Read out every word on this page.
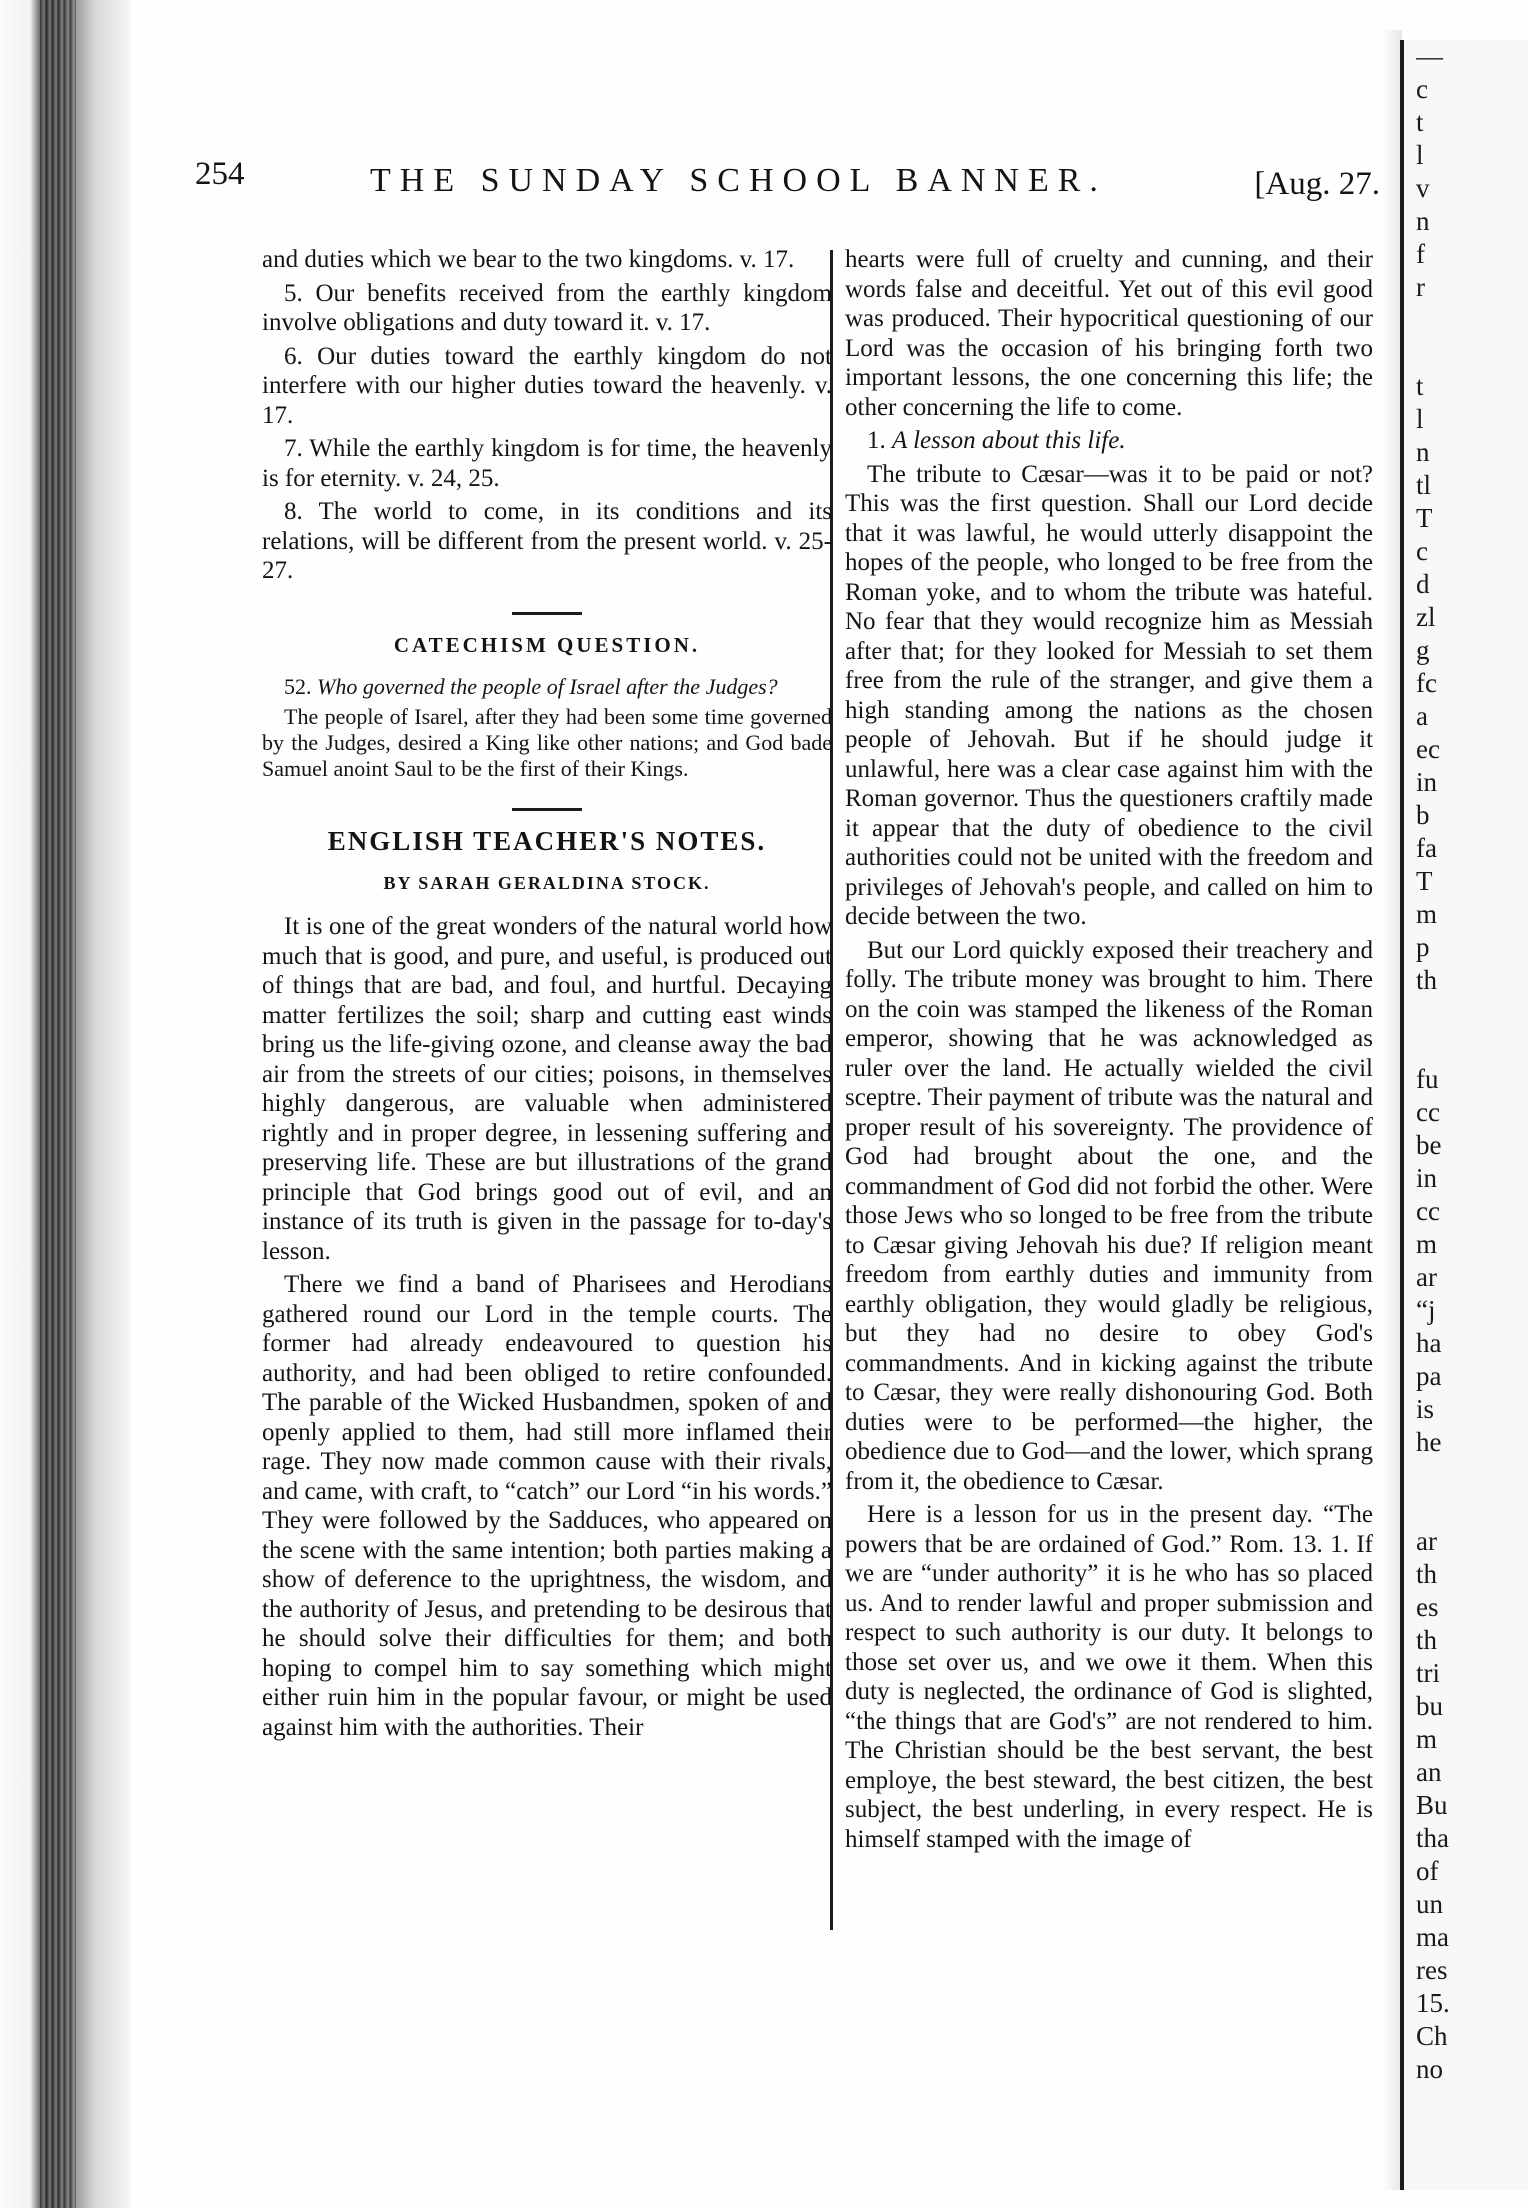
—
c
t
l
v
n
f
r

t
l
n
tl
T
c
d
zl
g
fc
a
ec
in
b
fa
T
m
p
th

fu
cc
be
in
cc
m
ar
“j
ha
pa
is
he

ar
th
es
th
tri
bu
m
an
Bu
tha
of
un
ma
res
15.
Ch
no
254	THE SUNDAY SCHOOL BANNER.	[Aug. 27.

and duties which we bear to the two kingdoms. v. 17.

5. Our benefits received from the earthly kingdom involve obligations and duty toward it. v. 17.

6. Our duties toward the earthly kingdom do not interfere with our higher duties toward the heavenly. v. 17.

7. While the earthly kingdom is for time, the heavenly is for eternity. v. 24, 25.

8. The world to come, in its conditions and its relations, will be different from the present world. v. 25-27.

CATECHISM QUESTION.

52. Who governed the people of Israel after the Judges?

The people of Isarel, after they had been some time governed by the Judges, desired a King like other nations; and God bade Samuel anoint Saul to be the first of their Kings.

ENGLISH TEACHER'S NOTES.
BY SARAH GERALDINA STOCK.

It is one of the great wonders of the natural world how much that is good, and pure, and useful, is produced out of things that are bad, and foul, and hurtful. Decaying matter fertilizes the soil; sharp and cutting east winds bring us the life-giving ozone, and cleanse away the bad air from the streets of our cities; poisons, in themselves highly dangerous, are valuable when administered rightly and in proper degree, in lessening suffering and preserving life. These are but illustrations of the grand principle that God brings good out of evil, and an instance of its truth is given in the passage for to-day's lesson.

There we find a band of Pharisees and Herodians gathered round our Lord in the temple courts. The former had already endeavoured to question his authority, and had been obliged to retire confounded. The parable of the Wicked Husbandmen, spoken of and openly applied to them, had still more inflamed their rage. They now made common cause with their rivals, and came, with craft, to “catch” our Lord “in his words.” They were followed by the Sadduces, who appeared on the scene with the same intention; both parties making a show of deference to the uprightness, the wisdom, and the authority of Jesus, and pretending to be desirous that he should solve their difficulties for them; and both hoping to compel him to say something which might either ruin him in the popular favour, or might be used against him with the authorities. Their

hearts were full of cruelty and cunning, and their words false and deceitful. Yet out of this evil good was produced. Their hypocritical questioning of our Lord was the occasion of his bringing forth two important lessons, the one concerning this life; the other concerning the life to come.

1. A lesson about this life.

The tribute to Cæsar—was it to be paid or not? This was the first question. Shall our Lord decide that it was lawful, he would utterly disappoint the hopes of the people, who longed to be free from the Roman yoke, and to whom the tribute was hateful. No fear that they would recognize him as Messiah after that; for they looked for Messiah to set them free from the rule of the stranger, and give them a high standing among the nations as the chosen people of Jehovah. But if he should judge it unlawful, here was a clear case against him with the Roman governor. Thus the questioners craftily made it appear that the duty of obedience to the civil authorities could not be united with the freedom and privileges of Jehovah's people, and called on him to decide between the two.

But our Lord quickly exposed their treachery and folly. The tribute money was brought to him. There on the coin was stamped the likeness of the Roman emperor, showing that he was acknowledged as ruler over the land. He actually wielded the civil sceptre. Their payment of tribute was the natural and proper result of his sovereignty. The providence of God had brought about the one, and the commandment of God did not forbid the other. Were those Jews who so longed to be free from the tribute to Cæsar giving Jehovah his due? If religion meant freedom from earthly duties and immunity from earthly obligation, they would gladly be religious, but they had no desire to obey God's commandments. And in kicking against the tribute to Cæsar, they were really dishonouring God. Both duties were to be performed—the higher, the obedience due to God—and the lower, which sprang from it, the obedience to Cæsar.

Here is a lesson for us in the present day. “The powers that be are ordained of God.” Rom. 13. 1. If we are “under authority” it is he who has so placed us. And to render lawful and proper submission and respect to such authority is our duty. It belongs to those set over us, and we owe it them. When this duty is neglected, the ordinance of God is slighted, “the things that are God's” are not rendered to him. The Christian should be the best servant, the best employe, the best steward, the best citizen, the best subject, the best underling, in every respect. He is himself stamped with the image of
